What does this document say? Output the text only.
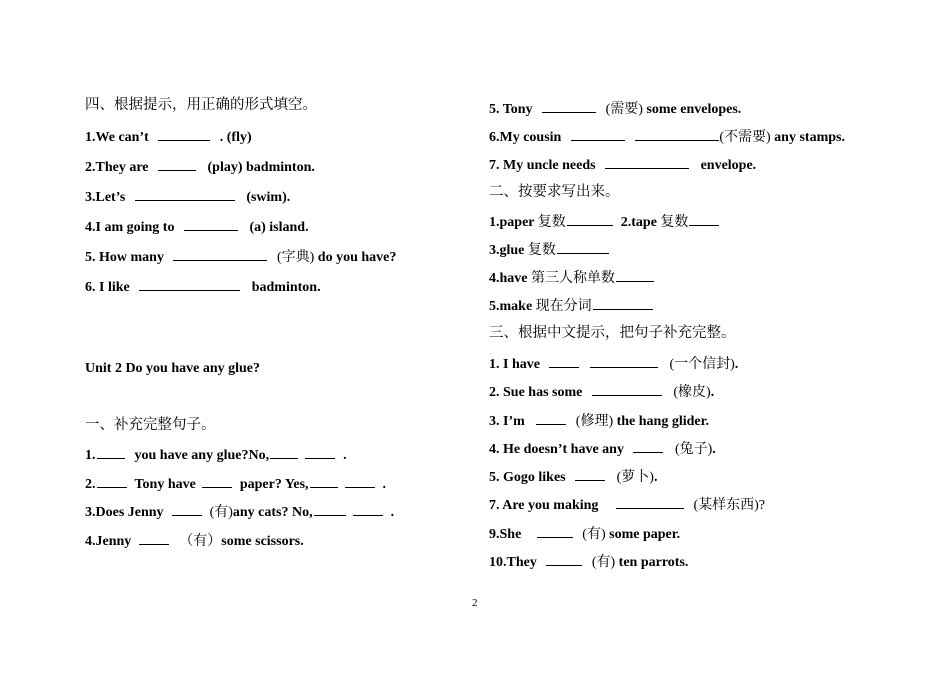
四、根据提示，用正确的形式填空。
1.We can’t	. (fly)
2.They are	(play) badminton.
3.Let’s	(swim).
4.I am going to	(a) island.
5. How many	(字典) do you have?
6. I like	badminton.
Unit 2 Do you have any glue?
一、补充完整句子。
1.	you have any glue?No,	.
2.	Tony have	paper? Yes,	.
3.Does Jenny	(有)any cats? No,	.
4.Jenny	（有）some scissors.
5. Tony	(需要) some envelopes.
6.My cousin	(不需要) any stamps.
7. My uncle needs	envelope.
二、按要求写出来。
1.paper 复数	2.tape 复数
3.glue 复数
4.have 第三人称单数
5.make 现在分词
三、根据中文提示，把句子补充完整。
1. I have	(一个信封).
2. Sue has some	(橡皮).
3. I’m	(修理) the hang glider.
4. He doesn’t have any	(兔子).
5. Gogo likes	(萝卜).
7. Are you making	(某样东西)?
9.She	(有) some paper.
10.They	(有) ten parrots.
2
